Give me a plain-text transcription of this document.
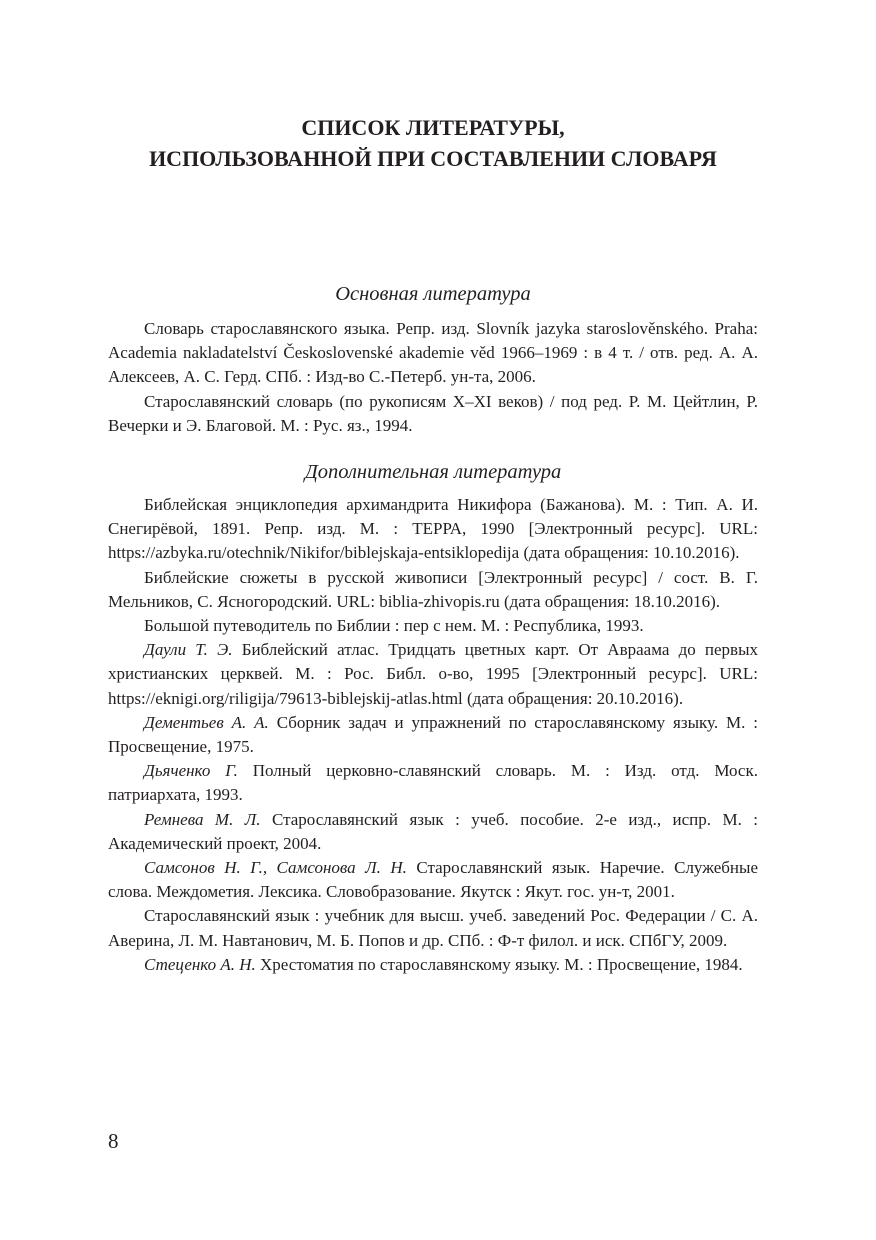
СПИСОК ЛИТЕРАТУРЫ,
ИСПОЛЬЗОВАННОЙ ПРИ СОСТАВЛЕНИИ СЛОВАРЯ
Основная литература

Словарь старославянского языка. Репр. изд. Slovník jazyka staroslověnského. Praha: Academia nakladatelství Československé akademie věd 1966–1969 : в 4 т. / отв. ред. А. А. Алексеев, А. С. Герд. СПб. : Изд-во С.-Петерб. ун-та, 2006.

Старославянский словарь (по рукописям X–XI веков) / под ред. Р. М. Цейтлин, Р. Вечерки и Э. Благовой. М. : Рус. яз., 1994.

Дополнительная литература

Библейская энциклопедия архимандрита Никифора (Бажанова). М. : Тип. А. И. Снегирёвой, 1891. Репр. изд. М. : ТЕРРА, 1990 [Электронный ресурс]. URL: https://azbyka.ru/otechnik/Nikifor/biblejskaja-entsiklopedija (дата обращения: 10.10.2016).

Библейские сюжеты в русской живописи [Электронный ресурс] / сост. В. Г. Мельников, С. Ясногородский. URL: biblia-zhivopis.ru (дата обращения: 18.10.2016).

Большой путеводитель по Библии : пер с нем. М. : Республика, 1993.

Даули Т. Э. Библейский атлас. Тридцать цветных карт. От Авраама до первых христианских церквей. М. : Рос. Библ. о-во, 1995 [Электронный ресурс]. URL: https://eknigi.org/riligija/79613-biblejskij-atlas.html (дата обращения: 20.10.2016).

Дементьев А. А. Сборник задач и упражнений по старославянскому языку. М. : Просвещение, 1975.

Дьяченко Г. Полный церковно-славянский словарь. М. : Изд. отд. Моск. патриархата, 1993.

Ремнева М. Л. Старославянский язык : учеб. пособие. 2-е изд., испр. М. : Академический проект, 2004.

Самсонов Н. Г., Самсонова Л. Н. Старославянский язык. Наречие. Служебные слова. Междометия. Лексика. Словобразование. Якутск : Якут. гос. ун-т, 2001.

Старославянский язык : учебник для высш. учеб. заведений Рос. Федерации / С. А. Аверина, Л. М. Навтанович, М. Б. Попов и др. СПб. : Ф-т филол. и иск. СПбГУ, 2009.

Стеценко А. Н. Хрестоматия по старославянскому языку. М. : Просвещение, 1984.

8
